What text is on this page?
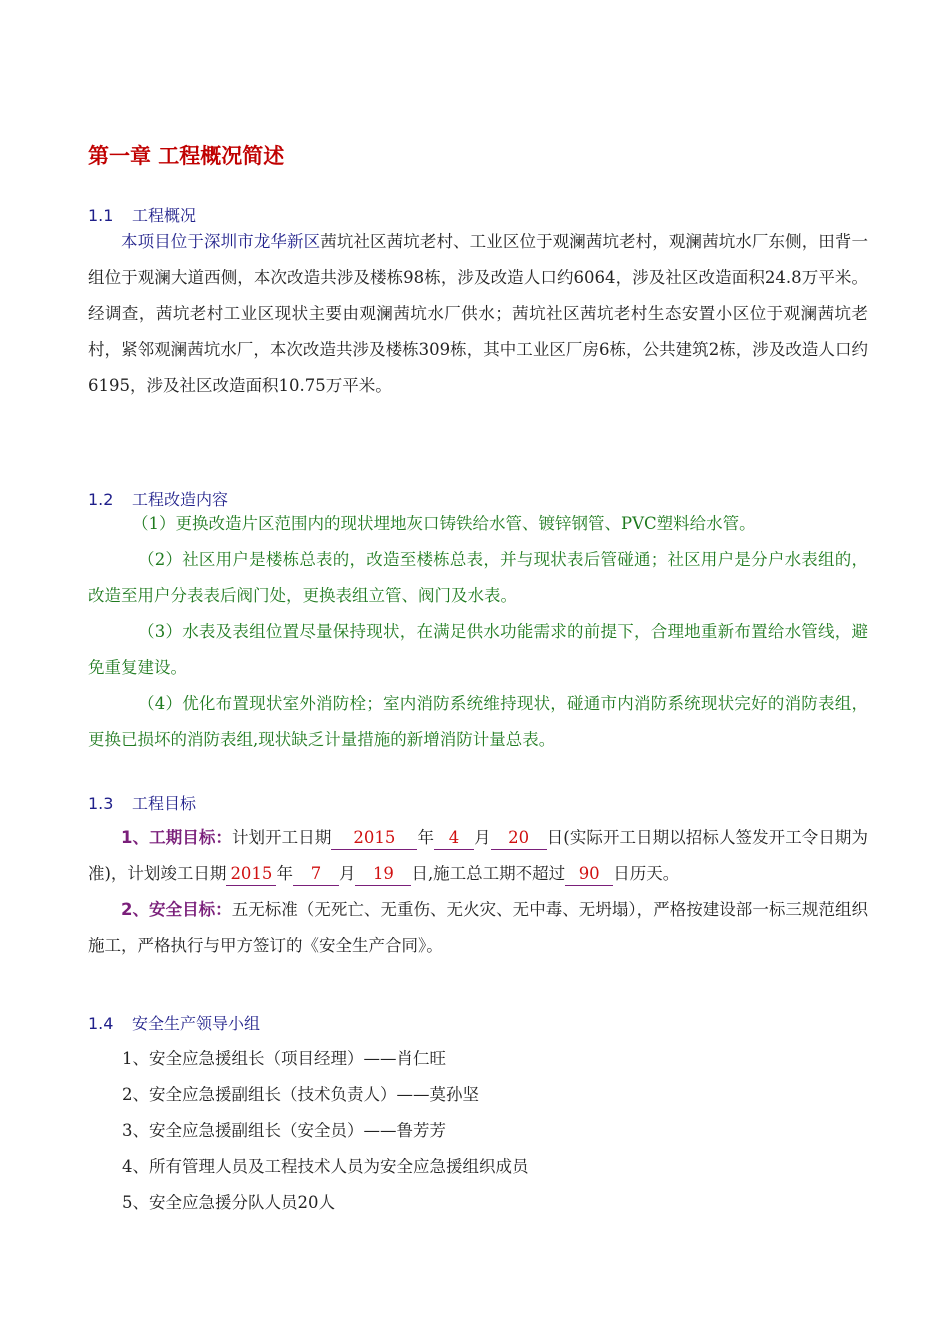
第一章 工程概况简述
1.1 工程概况

本项目位于深圳市龙华新区茜坑社区茜坑老村、工业区位于观澜茜坑老村，观澜茜坑水厂东侧，田背一组位于观澜大道西侧，本次改造共涉及楼栋98栋，涉及改造人口约6064，涉及社区改造面积24.8万平米。经调查，茜坑老村工业区现状主要由观澜茜坑水厂供水；茜坑社区茜坑老村生态安置小区位于观澜茜坑老村，紧邻观澜茜坑水厂，本次改造共涉及楼栋309栋，其中工业区厂房6栋，公共建筑2栋，涉及改造人口约6195，涉及社区改造面积10.75万平米。

1.2 工程改造内容

（1）更换改造片区范围内的现状埋地灰口铸铁给水管、镀锌钢管、PVC塑料给水管。

（2）社区用户是楼栋总表的，改造至楼栋总表，并与现状表后管碰通；社区用户是分户水表组的，改造至用户分表表后阀门处，更换表组立管、阀门及水表。

（3）水表及表组位置尽量保持现状，在满足供水功能需求的前提下，合理地重新布置给水管线，避免重复建设。

（4）优化布置现状室外消防栓；室内消防系统维持现状，碰通市内消防系统现状完好的消防表组，更换已损坏的消防表组,现状缺乏计量措施的新增消防计量总表。

1.3 工程目标

1、工期目标：计划开工日期 2015 年 4 月 20 日(实际开工日期以招标人签发开工令日期为准)，计划竣工日期 2015 年 7 月 19 日,施工总工期不超过 90 日历天。

2、安全目标：五无标准（无死亡、无重伤、无火灾、无中毒、无坍塌），严格按建设部一标三规范组织施工，严格执行与甲方签订的《安全生产合同》。

1.4 安全生产领导小组
1、安全应急援组长（项目经理）——肖仁旺
2、安全应急援副组长（技术负责人）——莫孙坚
3、安全应急援副组长（安全员）——鲁芳芳
4、所有管理人员及工程技术人员为安全应急援组织成员
5、安全应急援分队人员20人
